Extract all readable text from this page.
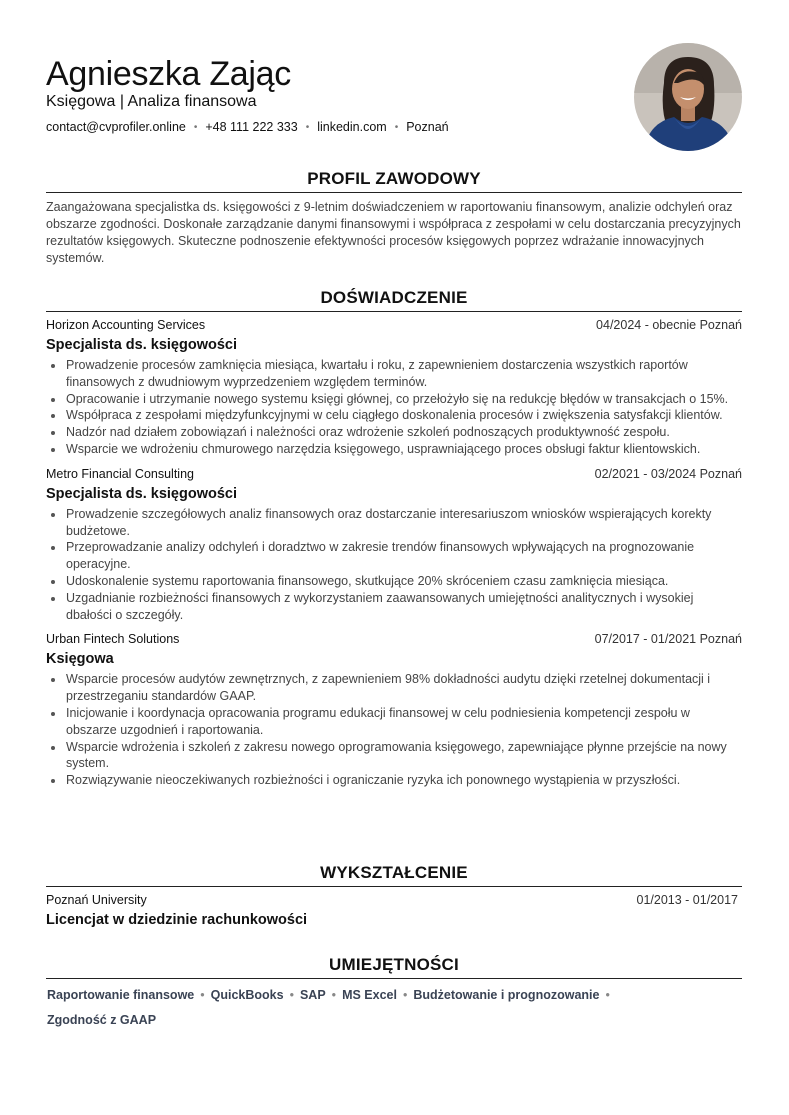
Agnieszka Zając
Księgowa | Analiza finansowa
contact@cvprofiler.online • +48 111 222 333 • linkedin.com • Poznań
PROFIL ZAWODOWY

Zaangażowana specjalistka ds. księgowości z 9-letnim doświadczeniem w raportowaniu finansowym, analizie odchyleń oraz obszarze zgodności. Doskonałe zarządzanie danymi finansowymi i współpraca z zespołami w celu dostarczania precyzyjnych rezultatów księgowych. Skuteczne podnoszenie efektywności procesów księgowych poprzez wdrażanie innowacyjnych systemów.

DOŚWIADCZENIE
Horizon Accounting Services	04/2024 - obecnie Poznań
Specjalista ds. księgowości
Prowadzenie procesów zamknięcia miesiąca, kwartału i roku, z zapewnieniem dostarczenia wszystkich raportów finansowych z dwudniowym wyprzedzeniem względem terminów.
Opracowanie i utrzymanie nowego systemu księgi głównej, co przełożyło się na redukcję błędów w transakcjach o 15%.
Współpraca z zespołami międzyfunkcyjnymi w celu ciągłego doskonalenia procesów i zwiększenia satysfakcji klientów.
Nadzór nad działem zobowiązań i należności oraz wdrożenie szkoleń podnoszących produktywność zespołu.
Wsparcie we wdrożeniu chmurowego narzędzia księgowego, usprawniającego proces obsługi faktur klientowskich.
Metro Financial Consulting	02/2021 - 03/2024 Poznań
Specjalista ds. księgowości
Prowadzenie szczegółowych analiz finansowych oraz dostarczanie interesariuszom wniosków wspierających korekty budżetowe.
Przeprowadzanie analizy odchyleń i doradztwo w zakresie trendów finansowych wpływających na prognozowanie operacyjne.
Udoskonalenie systemu raportowania finansowego, skutkujące 20% skróceniem czasu zamknięcia miesiąca.
Uzgadnianie rozbieżności finansowych z wykorzystaniem zaawansowanych umiejętności analitycznych i wysokiej dbałości o szczegóły.
Urban Fintech Solutions	07/2017 - 01/2021 Poznań
Księgowa
Wsparcie procesów audytów zewnętrznych, z zapewnieniem 98% dokładności audytu dzięki rzetelnej dokumentacji i przestrzeganiu standardów GAAP.
Inicjowanie i koordynacja opracowania programu edukacji finansowej w celu podniesienia kompetencji zespołu w obszarze uzgodnień i raportowania.
Wsparcie wdrożenia i szkoleń z zakresu nowego oprogramowania księgowego, zapewniające płynne przejście na nowy system.
Rozwiązywanie nieoczekiwanych rozbieżności i ograniczanie ryzyka ich ponownego wystąpienia w przyszłości.
WYKSZTAŁCENIE
Poznań University	01/2013 - 01/2017
Licencjat w dziedzinie rachunkowości
UMIEJĘTNOŚCI
Raportowanie finansowe • QuickBooks • SAP • MS Excel • Budżetowanie i prognozowanie •
Zgodność z GAAP
